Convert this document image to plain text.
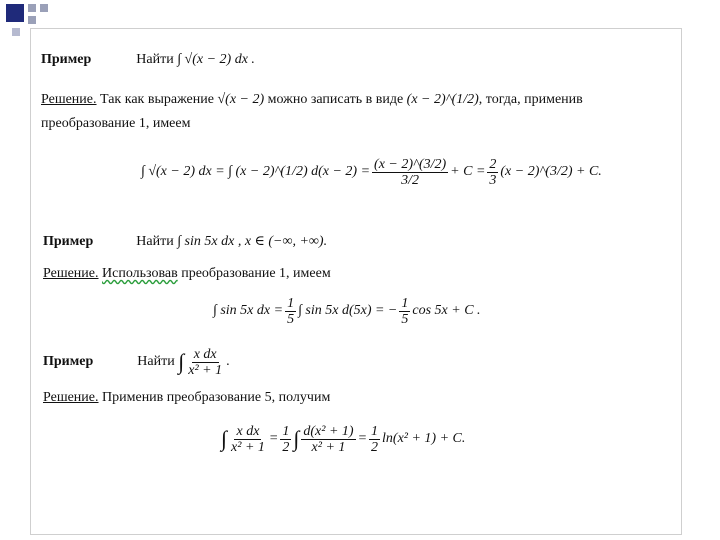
Пример	Найти ∫ √(x − 2) dx .
Решение. Так как выражение √(x − 2) можно записать в виде (x − 2)^(1/2), тогда, применив
преобразование 1, имеем
∫ √(x − 2) dx = ∫ (x − 2)^(1/2) $d(x - 2) = \frac{(x - 2)\^{}(3/2)}{3/2} + C = \frac{2}{3} (x$ − 2)^(3/2) + C.
Пример	Найти ∫ sin 5x dx , x ∈ (−∞, +∞).
Решение. Использовав преобразование 1, имеем
∫ sin 5x dx = $\frac{1}{5}$ ∫ sin 5x d(5x) = − $\frac{1}{5}$ cos 5x + C .
Пример	Найти
∫ $\frac{\text{x dx}}{\text{x² + 1}}$ .
Решение. Применив преобразование 5, получим
∫ $\frac{\text{x dx}}{\text{x² + 1}} = \frac{1}{2}$ ∫ $\frac{\text{d(x² + 1)}}{\text{x² + 1}} = \frac{1}{2} \ln(x^2 + 1) + C$.
